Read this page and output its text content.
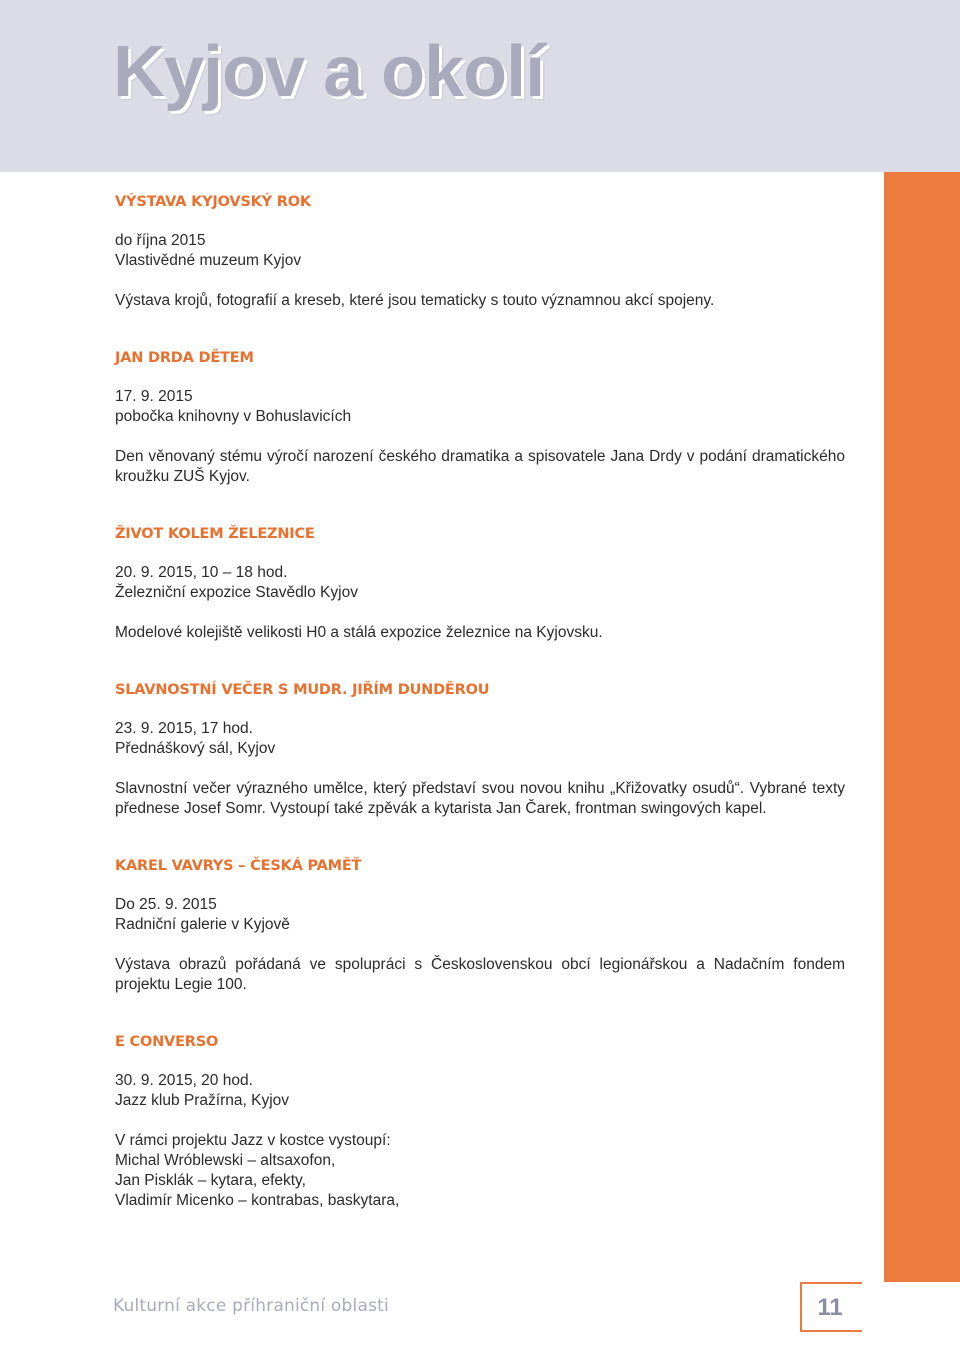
Kyjov a okolí

VÝSTAVA KYJOVSKÝ ROK

do října 2015

Vlastivědné muzeum Kyjov

Výstava krojů, fotografií a kreseb, které jsou tematicky s touto významnou akcí spojeny.

JAN DRDA DĚTEM

17. 9. 2015

pobočka knihovny v Bohuslavicích

Den věnovaný stému výročí narození českého dramatika a spisovatele Jana Drdy v podání dramatického kroužku ZUŠ Kyjov.

ŽIVOT KOLEM ŽELEZNICE

20. 9. 2015, 10 – 18 hod.

Železniční expozice Stavědlo Kyjov

Modelové kolejiště velikosti H0 a stálá expozice železnice na Kyjovsku.

SLAVNOSTNÍ VEČER S MUDR. JIŘÍM DUNDĚROU

23. 9. 2015, 17 hod.

Přednáškový sál, Kyjov

Slavnostní večer výrazného umělce, který představí svou novou knihu „Křižovatky osudů“. Vybrané texty přednese Josef Somr. Vystoupí také zpěvák a kytarista Jan Čarek, frontman swingových kapel.

KAREL VAVRYS – ČESKÁ PAMĚŤ

Do 25. 9. 2015

Radniční galerie v Kyjově

Výstava obrazů pořádaná ve spolupráci s Československou obcí legionářskou a Nadačním fondem projektu Legie 100.

E CONVERSO

30. 9. 2015, 20 hod.

Jazz klub Pražírna, Kyjov

V rámci projektu Jazz v kostce vystoupí:

Michal Wróblewski – altsaxofon,

Jan Pisklák – kytara, efekty,

Vladimír Micenko – kontrabas, baskytara,

Kulturní akce příhraniční oblasti	11
